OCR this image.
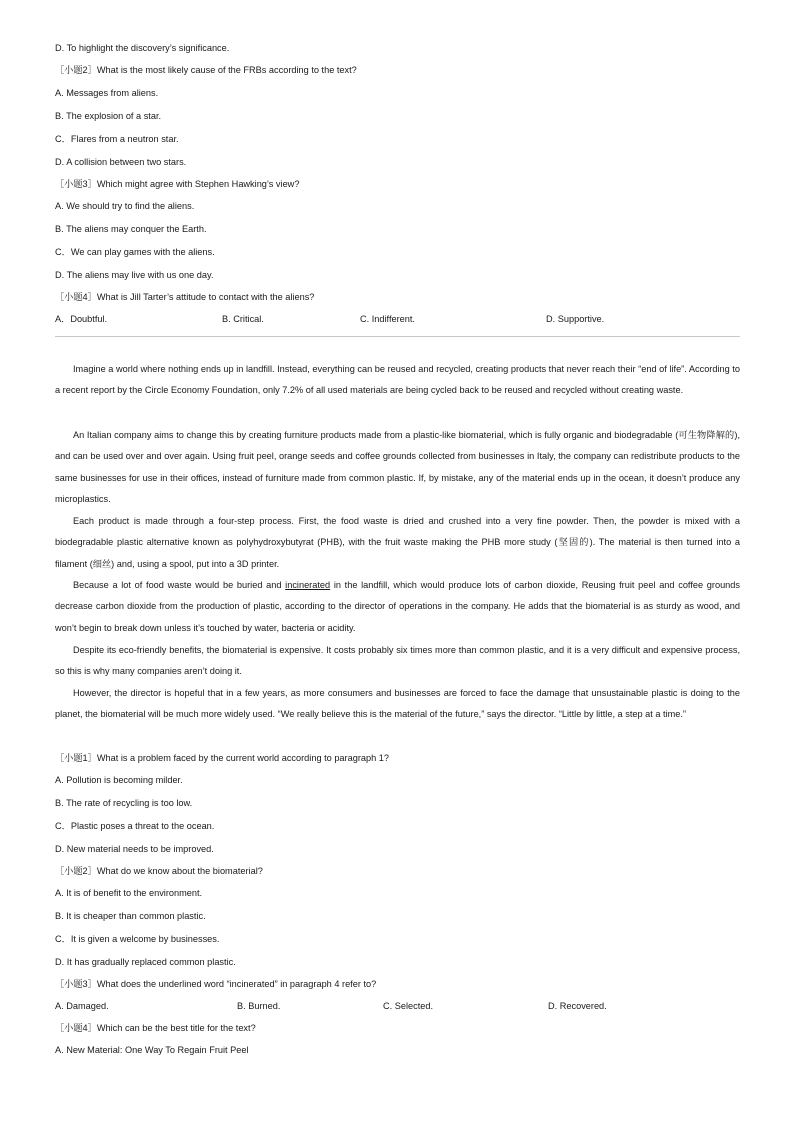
D. To highlight the discovery’s significance.
［小题2］What is the most likely cause of the FRBs according to the text?
A. Messages from aliens.
B. The explosion of a star.
C．Flares from a neutron star.
D. A collision between two stars.
［小题3］Which might agree with Stephen Hawking’s view?
A. We should try to find the aliens.
B. The aliens may conquer the Earth.
C．We can play games with the aliens.
D. The aliens may live with us one day.
［小题4］What is Jill Tarter’s attitude to contact with the aliens?
A．Doubtful.	B. Critical.	C. Indifferent.	D. Supportive.
Imagine a world where nothing ends up in landfill. Instead, everything can be reused and recycled, creating products that never reach their “end of life”. According to a recent report by the Circle Economy Foundation, only 7.2% of all used materials are being cycled back to be reused and recycled without creating waste.
An Italian company aims to change this by creating furniture products made from a plastic-like biomaterial, which is fully organic and biodegradable (可生物降解的), and can be used over and over again. Using fruit peel, orange seeds and coffee grounds collected from businesses in Italy, the company can redistribute products to the same businesses for use in their offices, instead of furniture made from common plastic. If, by mistake, any of the material ends up in the ocean, it doesn’t produce any microplastics.
Each product is made through a four-step process. First, the food waste is dried and crushed into a very fine powder. Then, the powder is mixed with a biodegradable plastic alternative known as polyhydroxybutyrat (PHB), with the fruit waste making the PHB more study (坚固的). The material is then turned into a filament (细丝) and, using a spool, put into a 3D printer.
Because a lot of food waste would be buried and incinerated in the landfill, which would produce lots of carbon dioxide, Reusing fruit peel and coffee grounds decrease carbon dioxide from the production of plastic, according to the director of operations in the company. He adds that the biomaterial is as sturdy as wood, and won’t begin to break down unless it’s touched by water, bacteria or acidity.
Despite its eco-friendly benefits, the biomaterial is expensive. It costs probably six times more than common plastic, and it is a very difficult and expensive process, so this is why many companies aren’t doing it.
However, the director is hopeful that in a few years, as more consumers and businesses are forced to face the damage that unsustainable plastic is doing to the planet, the biomaterial will be much more widely used. “We really believe this is the material of the future,” says the director. “Little by little, a step at a time.”
［小题1］What is a problem faced by the current world according to paragraph 1?
A. Pollution is becoming milder.
B. The rate of recycling is too low.
C．Plastic poses a threat to the ocean.
D. New material needs to be improved.
［小题2］What do we know about the biomaterial?
A. It is of benefit to the environment.
B. It is cheaper than common plastic.
C．It is given a welcome by businesses.
D. It has gradually replaced common plastic.
［小题3］What does the underlined word “incinerated” in paragraph 4 refer to?
A. Damaged.	B. Burned.	C. Selected.	D. Recovered.
［小题4］Which can be the best title for the text?
A. New Material: One Way To Regain Fruit Peel
